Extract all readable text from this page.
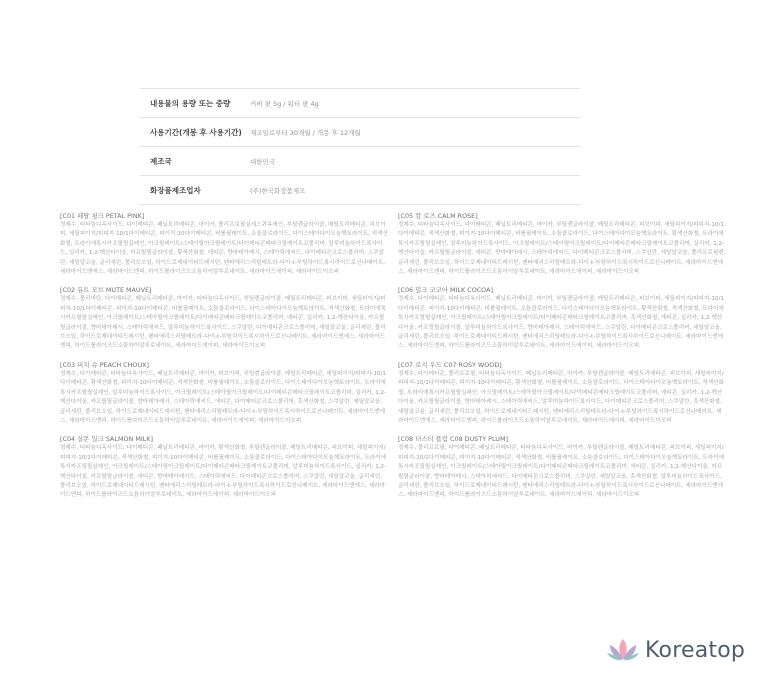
내용물의 용량 또는 중량	커버 팟 5g / 워터 팟 4g
사용기간(개봉 후 사용기간)	제조일로부터 30개월 / 개봉 후 12개월
제조국	대한민국
화장품제조업자	(주)한국화장품제조
[C01 페탈 핑크 PETAL PINK]
정제수, 티타늄디옥사이드, 다이메티콘, 페닐트리메티콘, 마이카, 폴리프로필실세스퀴옥세인, 부틸렌글라이콜, 메틸트리메티콘, 피브이피, 세틸피이지/피피지-10/1다이메티콘, 피이지-10다이메티콘, 비롤필레이트, 소듐클로라이드, 다이스테아다이모늄헥토라이트, 적색산화철, 트라이에톡시카프릴릴실레인, 아크릴레이트/스테아릴아크릴레이트/다이메티콘메타크릴레이트코폴리머, 알루미늄하이드록사이드, 실리카, 1,2-헥산다이올, 카프릴릴글라이콜, 황색산화철, 에티콘, 향마테아레시, 스테아릭애씨드, 다이메티콘크로스폴리머, 스쿠알란, 세틸알코올, 글리세린, 폴리브오일, 하이드로제네이티드레시틴, 펜타에리스리틸테트라-다이-t-부틸하이드록시하이드로신나메이트, 세라마이드엔에스, 세라마이드엔피, 하이드롤라이즈드소듐하이알루로네이트, 세라마이드에이피, 세라마이드이오피
[C02 뮤트 모브 MUTE MAUVE]
정제수, 폴리마탄, 다이메티콘, 페닐트리메티콘, 마이카, 티타늄디옥사이드, 부틸렌글라이콜, 메틸트리메티콘, 피브이피, 세틸피이지/피피지-10/1다이메티콘, 피이지-10다이메티콘, 비롤필레이트, 소듐클로라이드, 다이스테아다이모늄헥토라이트, 적색산화철, 트라이에톡시카프릴릴실레인, 아크릴레이트/스테아릴아크릴레이트/다이메티콘메타크릴레이트코폴리머, 에티콘, 실리카, 1,2-헥산다이올, 카프릴릴글라이콜, 향마테아레시, 스테아릭애씨드, 알루미늄하이드록사이드, 스쿠알란, 다이메티콘크로스폴리머, 세틸알코올, 글리세린, 폴리브오일, 하이드로제네이티드레시틴, 펜타에리스리틸테트라-다이-t-부틸하이드록시하이드로신나메이트, 세라마이드엔에스, 세라마이드엔피, 하이드롤라이즈드소듐하이알루로네이트, 세라마이드에이피, 세라마이드이오피
[C03 피치 슈 PEACH CHOUX]
정제수, 다이메티콘, 티타늄디옥사이드, 페닐트리메티콘, 마이카, 피브이피, 부틸렌글라이콜, 메틸트리메티콘, 세틸피이지/피피지-10/1다이메티콘, 황색산화철, 피이지-10다이메티콘, 적색산화철, 비롤필레이트, 소듐클로라이드, 다이스테아다이모늄헥토라이트, 트라이에톡시카프릴릴실레인, 알루미늄하이드록사이드, 아크릴레이트/스테아릴아크릴레이트/다이메티콘메타크릴레이트코폴리머, 실리카, 1,2-헥산다이올, 카프릴릴글라이콜, 향마테아레시, 스테아릭애씨드, 에티콘, 다이메티콘크로스폴리머, 흑색산화철, 스쿠알란, 세틸알코올, 글리세린, 폴리브오일, 하이드로제네이티드레시틴, 펜타에리스리틸테트라-다이-t-부틸하이드록시하이드로신나메이트, 세라마이드엔에스, 세라마이드엔피, 하이드롤라이즈드소듐하이알루로네이트, 세라마이드에이피, 세라마이드이오피
[C04 살몬 밀크 SALMON MILK]
정제수, 티타늄디옥사이드, 다이메티콘, 페닐트리메티콘, 마이카, 황색산화철, 부틸렌글라이콜, 메틸트리메티콘, 피브이피, 세틸피이지/피피지-10/1다이메티콘, 적색산화철, 피이지-10다이메티콘, 비롤필레이트, 소듐클로라이드, 다이스테아다이모늄헥토라이트, 트라이에톡시카프릴릴실레인, 아크릴레이트/스테아릴아크릴레이트/다이메티콘메타크릴레이트코폴리머, 알루미늄하이드록사이드, 실리카, 1,2-헥산다이올, 카프릴릴글라이콜, 에티콘, 향마테아레시드, 스테아릭애씨드, 다이메티콘크로스폴리머, 스쿠알란, 세틸알코올, 글리세린, 폴리브오일, 하이드로제네이티드레시틴, 펜타에리스리틸테트라-다이-t-부틸하이드록시하이드로신나메이트, 세라마이드엔에스, 세라마이드엔피, 하이드롤라이즈드소듐하이알루로네이트, 세라마이드에이피, 세라마이드이오피
[C05 캄 로즈 CALM ROSE]
정제수, 티타늄디옥사이드, 다이메티콘, 페닐트리메티콘, 마이카, 부틸렌글라이콜, 메틸트리메티콘, 피브이피, 세틸피이지/피피지-10/1다이메티콘, 적색산화철, 피이지-10다이메티콘, 비롤필레이트, 소듐클로라이드, 다이스테아다이모늄헥토라이트, 황색산화철, 트라이에톡시카프릴릴실레인, 알루미늄하이드록사이드, 아크릴레이트/스테아릴아크릴레이트/다이메티콘메타크릴레이트코폴리머, 실리카, 1,2-헥산다이올, 카프릴릴글라이콜, 에티콘, 향마테아레시, 스테아릭애씨드, 다이메티콘크로스폴리머, 스쿠알란, 세틸알코올, 폴리프로필렌, 글리세린, 폴리브오일, 하이드로제네이티드레시틴, 펜타에리스리틸테트라-다이-t-부틸하이드록시하이드로신나메이트, 세라마이드엔에스, 세라마이드엔피, 하이드롤라이즈드소듐하이알루로네이트, 세라마이드에이피, 세라마이드이오피
[C06 밀크 코코아 MILK COCOA]
정제수, 다이메티콘, 티타늄디옥사이드, 페닐트리메티콘, 마이카, 부틸렌글라이콜, 메틸트리메티콘, 피브이피, 세틸피이지/피피지-10/1다이메티콘, 피이지-10다이메티콘, 비롤필레이트, 소듐클로라이드, 다이스테아다이모늄헥토라이트, 황색산화철, 적색산화철, 트라이에톡시카프릴릴실레인, 아크릴레이트/스테아릴아크릴레이트/다이메티콘메타크릴레이트코폴리머, 흑색산화철, 에티콘, 실리카, 1,2-헥산다이올, 카프릴릴글라이콜, 알루미늄하이드록사이드, 향마테아레시, 스테아릭애씨드, 스쿠알란, 다이메티콘크로스폴리머, 세틸알코올, 글리세린, 폴리브오일, 하이드로제네이티드레시틴, 펜타에리스리틸테트라-다이-t-부틸하이드록시하이드로신나메이트, 세라마이드엔에스, 세라마이드엔피, 하이드롤라이즈드소듐하이알루로네이트, 세라마이드에이피, 세라마이드이오피
[C07 로지 우드 C07 ROSY WOOD]
정제수, 다이메티콘, 폴리프로필, 티타늄디옥사이드, 페닐트리메티콘, 마이카, 부틸렌글라이콜, 메틸트리메티콘, 피브이피, 세틸피이지/피피지-10/1다이메티콘, 피이지-10다이메티콘, 황색산화철, 비롤필레이트, 소듐클로라이드, 다이스테아다이모늄헥토라이트, 적색산화철, 트라이에톡시카프릴릴실레인, 아크릴레이트/스테아릴아크릴레이트/다이메티콘메타크릴레이트코폴리머, 에티콘, 실리카, 1,2-헥산다이올, 카프릴릴글라이콜, 향마테아레시, 스테아릭애씨드, 알루미늄하이드록사이드, 다이메티콘크로스폴리머, 스쿠알란, 흑색산화철, 세틸알코올, 글리세린, 폴리브오일, 하이드로제네이티드레시틴, 펜타에리스리틸테트라-다이-t-부틸하이드록시하이드로신나메이트, 세라마이드엔에스, 세라마이드엔피, 하이드롤라이즈드소듐하이알루로네이트, 세라마이드에이피, 세라마이드이오피
[C08 더스티 플럼 C08 DUSTY PLUM]
정제수, 폴리프로필, 다이메티콘, 페닐트리메티콘, 티타늄디옥사이드, 마이카, 부틸렌글라이콜, 메틸트리메티콘, 피브이피, 세틸피이지/피피지-10/1다이메티콘, 피이지-10다이메티콘, 적색산화철, 비롤필레이트, 소듐클로라이드, 다이스테아다이모늄헥토라이트, 트라이에톡시카프릴릴실레인, 아크릴레이트/스테아릴아크릴레이트/다이메티콘메타크릴레이트코폴리머, 에티콘, 실리카, 1,2-헥산다이올, 카프릴릴글라이콜, 향마테아레시, 스테아릭애씨드, 다이메티콘크로스폴리머, 스쿠알란, 세틸알코올, 흑색산화철, 알루미늄하이드록사이드, 글리세린, 폴리브오일, 하이드로제네이티드레시틴, 펜타에리스리틸테트라-다이-t-부틸하이드록시하이드로신나메이트, 세라마이드엔에스, 세라마이드엔피, 하이드롤라이즈드소듐하이알루로네이트, 세라마이드에이피, 세라마이드이오피
Koreatop
